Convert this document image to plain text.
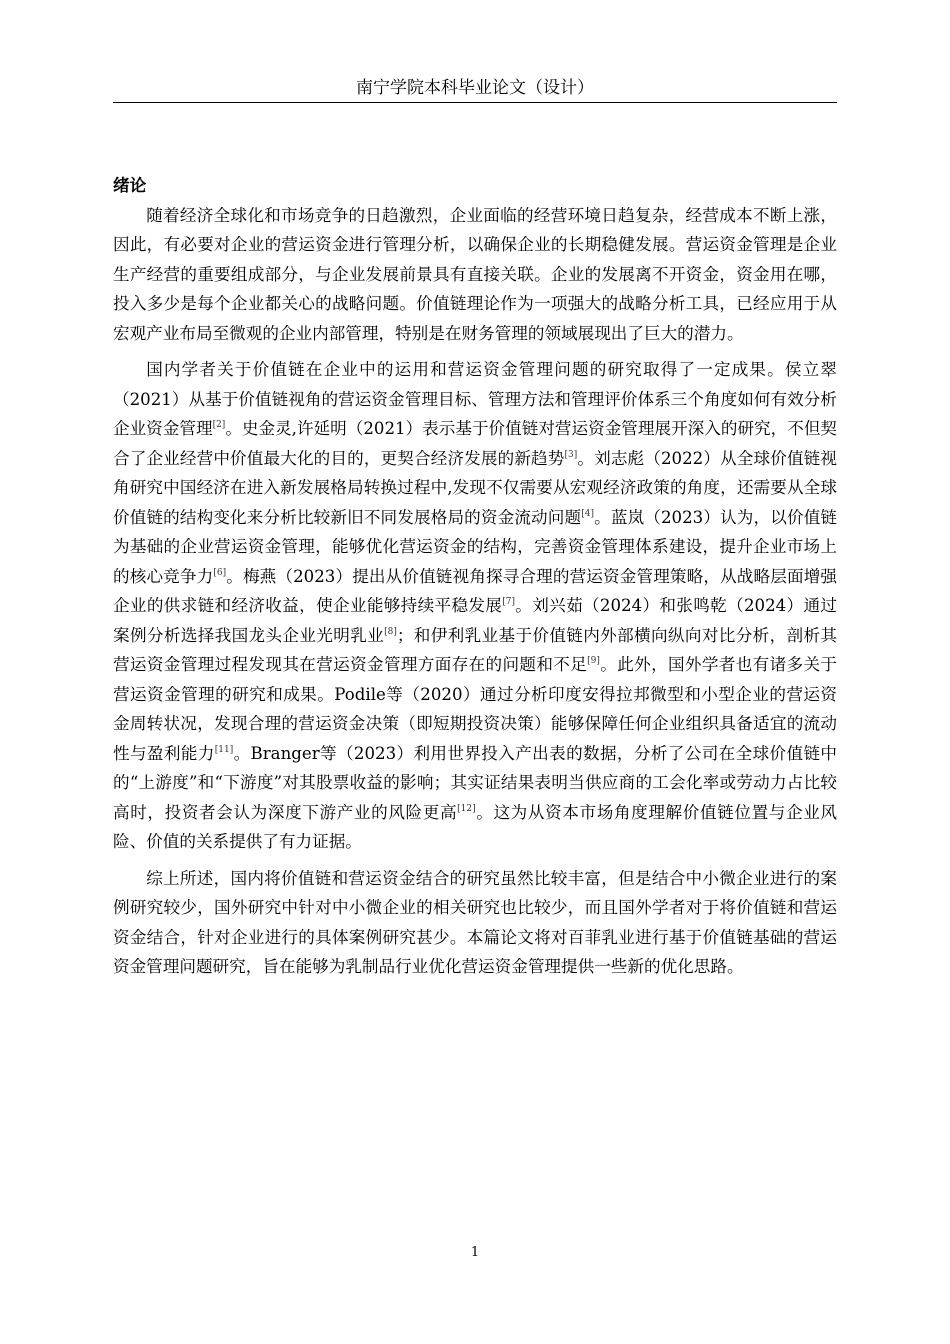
南宁学院本科毕业论文（设计）

绪论

随着经济全球化和市场竞争的日趋激烈，企业面临的经营环境日趋复杂，经营成本不断上涨，因此，有必要对企业的营运资金进行管理分析，以确保企业的长期稳健发展。营运资金管理是企业生产经营的重要组成部分，与企业发展前景具有直接关联。企业的发展离不开资金，资金用在哪，投入多少是每个企业都关心的战略问题。价值链理论作为一项强大的战略分析工具，已经应用于从宏观产业布局至微观的企业内部管理，特别是在财务管理的领域展现出了巨大的潜力。

国内学者关于价值链在企业中的运用和营运资金管理问题的研究取得了一定成果。侯立翠（2021）从基于价值链视角的营运资金管理目标、管理方法和管理评价体系三个角度如何有效分析企业资金管理[2]。史金灵,许延明（2021）表示基于价值链对营运资金管理展开深入的研究，不但契合了企业经营中价值最大化的目的，更契合经济发展的新趋势[3]。刘志彪（2022）从全球价值链视角研究中国经济在进入新发展格局转换过程中,发现不仅需要从宏观经济政策的角度，还需要从全球价值链的结构变化来分析比较新旧不同发展格局的资金流动问题[4]。蓝岚（2023）认为，以价值链为基础的企业营运资金管理，能够优化营运资金的结构，完善资金管理体系建设，提升企业市场上的核心竞争力[6]。梅燕（2023）提出从价值链视角探寻合理的营运资金管理策略，从战略层面增强企业的供求链和经济收益，使企业能够持续平稳发展[7]。刘兴茹（2024）和张鸣乾（2024）通过案例分析选择我国龙头企业光明乳业[8]；和伊利乳业基于价值链内外部横向纵向对比分析，剖析其营运资金管理过程发现其在营运资金管理方面存在的问题和不足[9]。此外，国外学者也有诸多关于营运资金管理的研究和成果。Podile等（2020）通过分析印度安得拉邦微型和小型企业的营运资金周转状况，发现合理的营运资金决策（即短期投资决策）能够保障任何企业组织具备适宜的流动性与盈利能力[11]。Branger等（2023）利用世界投入产出表的数据，分析了公司在全球价值链中的“上游度”和“下游度”对其股票收益的影响；其实证结果表明当供应商的工会化率或劳动力占比较高时，投资者会认为深度下游产业的风险更高[12]。这为从资本市场角度理解价值链位置与企业风险、价值的关系提供了有力证据。

综上所述，国内将价值链和营运资金结合的研究虽然比较丰富，但是结合中小微企业进行的案例研究较少，国外研究中针对中小微企业的相关研究也比较少，而且国外学者对于将价值链和营运资金结合，针对企业进行的具体案例研究甚少。本篇论文将对百菲乳业进行基于价值链基础的营运资金管理问题研究，旨在能够为乳制品行业优化营运资金管理提供一些新的优化思路。

1
